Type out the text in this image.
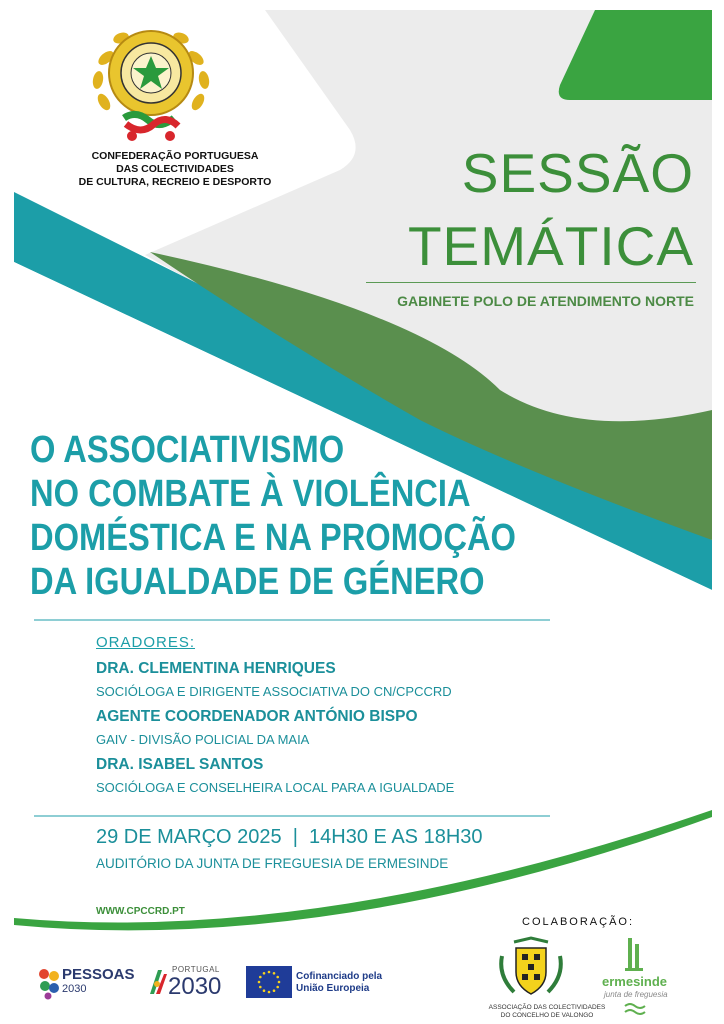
CONFEDERAÇÃO PORTUGUESA
DAS COLECTIVIDADES
DE CULTURA, RECREIO E DESPORTO	SESSÃO
TEMÁTICA
GABINETE POLO DE ATENDIMENTO NORTE
O ASSOCIATIVISMO
NO COMBATE À VIOLÊNCIA
DOMÉSTICA E NA PROMOÇÃO
DA IGUALDADE DE GÉNERO
ORADORES:
DRA. CLEMENTINA HENRIQUES
SOCIÓLOGA E DIRIGENTE ASSOCIATIVA DO CN/CPCCRD
AGENTE COORDENADOR ANTÓNIO BISPO
GAIV - DIVISÃO POLICIAL DA MAIA
DRA. ISABEL SANTOS
SOCIÓLOGA E CONSELHEIRA LOCAL PARA A IGUALDADE
29 DE MARÇO 2025  |  14H30 E AS 18H30
AUDITÓRIO DA JUNTA DE FREGUESIA DE ERMESINDE
WWW.CPCCRD.PT
COLABORAÇÃO:
PESSOAS
2030
PORTUGAL
2030	Cofinanciado pela
União Europeia
ASSOCIAÇÃO DAS COLECTIVIDADES
DO CONCELHO DE VALONGO
ermesinde
junta de freguesia
